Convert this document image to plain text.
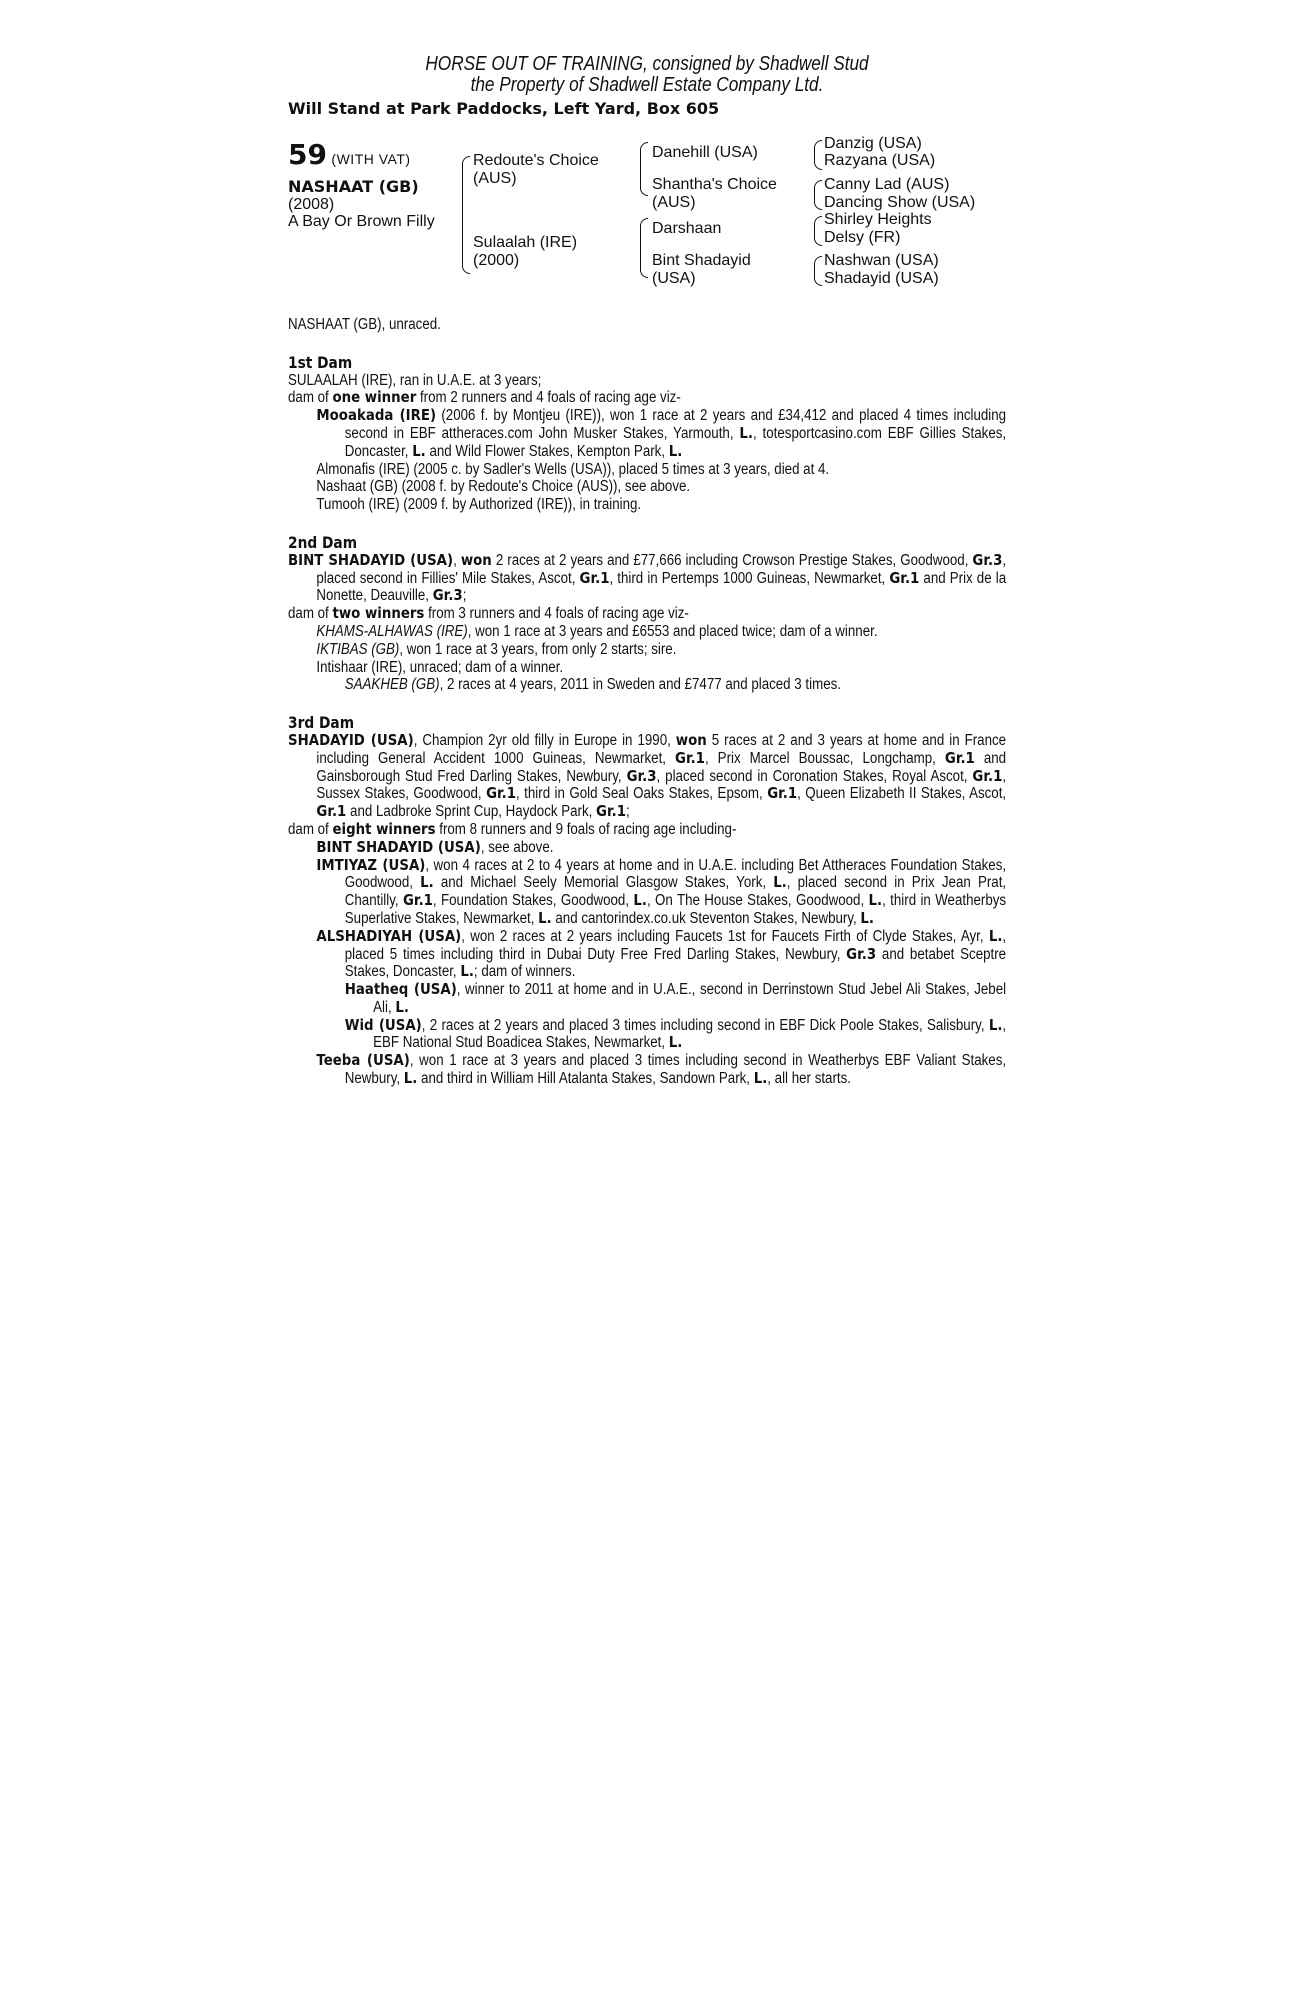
HORSE OUT OF TRAINING, consigned by Shadwell Stud
the Property of Shadwell Estate Company Ltd.
Will Stand at Park Paddocks, Left Yard, Box 605
59 (WITH VAT)
NASHAAT (GB)
(2008)
A Bay Or Brown Filly
Redoute's Choice
(AUS)
Sulaalah (IRE)
(2000)
Danehill (USA)
Shantha's Choice
(AUS)
Darshaan
Bint Shadayid
(USA)
Danzig (USA)
Razyana (USA)
Canny Lad (AUS)
Dancing Show (USA)
Shirley Heights
Delsy (FR)
Nashwan (USA)
Shadayid (USA)
NASHAAT (GB), unraced.
1st Dam
SULAALAH (IRE), ran in U.A.E. at 3 years;
dam of one winner from 2 runners and 4 foals of racing age viz-
Mooakada (IRE) (2006 f. by Montjeu (IRE)), won 1 race at 2 years and £34,412 and placed 4 times including second in EBF attheraces.com John Musker Stakes, Yarmouth, L., totesportcasino.com EBF Gillies Stakes, Doncaster, L. and Wild Flower Stakes, Kempton Park, L.
Almonafis (IRE) (2005 c. by Sadler's Wells (USA)), placed 5 times at 3 years, died at 4.
Nashaat (GB) (2008 f. by Redoute's Choice (AUS)), see above.
Tumooh (IRE) (2009 f. by Authorized (IRE)), in training.
2nd Dam
BINT SHADAYID (USA), won 2 races at 2 years and £77,666 including Crowson Prestige Stakes, Goodwood, Gr.3, placed second in Fillies' Mile Stakes, Ascot, Gr.1, third in Pertemps 1000 Guineas, Newmarket, Gr.1 and Prix de la Nonette, Deauville, Gr.3;
dam of two winners from 3 runners and 4 foals of racing age viz-
KHAMS-ALHAWAS (IRE), won 1 race at 3 years and £6553 and placed twice; dam of a winner.
IKTIBAS (GB), won 1 race at 3 years, from only 2 starts; sire.
Intishaar (IRE), unraced; dam of a winner.
SAAKHEB (GB), 2 races at 4 years, 2011 in Sweden and £7477 and placed 3 times.
3rd Dam
SHADAYID (USA), Champion 2yr old filly in Europe in 1990, won 5 races at 2 and 3 years at home and in France including General Accident 1000 Guineas, Newmarket, Gr.1, Prix Marcel Boussac, Longchamp, Gr.1 and Gainsborough Stud Fred Darling Stakes, Newbury, Gr.3, placed second in Coronation Stakes, Royal Ascot, Gr.1, Sussex Stakes, Goodwood, Gr.1, third in Gold Seal Oaks Stakes, Epsom, Gr.1, Queen Elizabeth II Stakes, Ascot, Gr.1 and Ladbroke Sprint Cup, Haydock Park, Gr.1;
dam of eight winners from 8 runners and 9 foals of racing age including-
BINT SHADAYID (USA), see above.
IMTIYAZ (USA), won 4 races at 2 to 4 years at home and in U.A.E. including Bet Attheraces Foundation Stakes, Goodwood, L. and Michael Seely Memorial Glasgow Stakes, York, L., placed second in Prix Jean Prat, Chantilly, Gr.1, Foundation Stakes, Goodwood, L., On The House Stakes, Goodwood, L., third in Weatherbys Superlative Stakes, Newmarket, L. and cantorindex.co.uk Steventon Stakes, Newbury, L.
ALSHADIYAH (USA), won 2 races at 2 years including Faucets 1st for Faucets Firth of Clyde Stakes, Ayr, L., placed 5 times including third in Dubai Duty Free Fred Darling Stakes, Newbury, Gr.3 and betabet Sceptre Stakes, Doncaster, L.; dam of winners.
Haatheq (USA), winner to 2011 at home and in U.A.E., second in Derrinstown Stud Jebel Ali Stakes, Jebel Ali, L.
Wid (USA), 2 races at 2 years and placed 3 times including second in EBF Dick Poole Stakes, Salisbury, L., EBF National Stud Boadicea Stakes, Newmarket, L.
Teeba (USA), won 1 race at 3 years and placed 3 times including second in Weatherbys EBF Valiant Stakes, Newbury, L. and third in William Hill Atalanta Stakes, Sandown Park, L., all her starts.
